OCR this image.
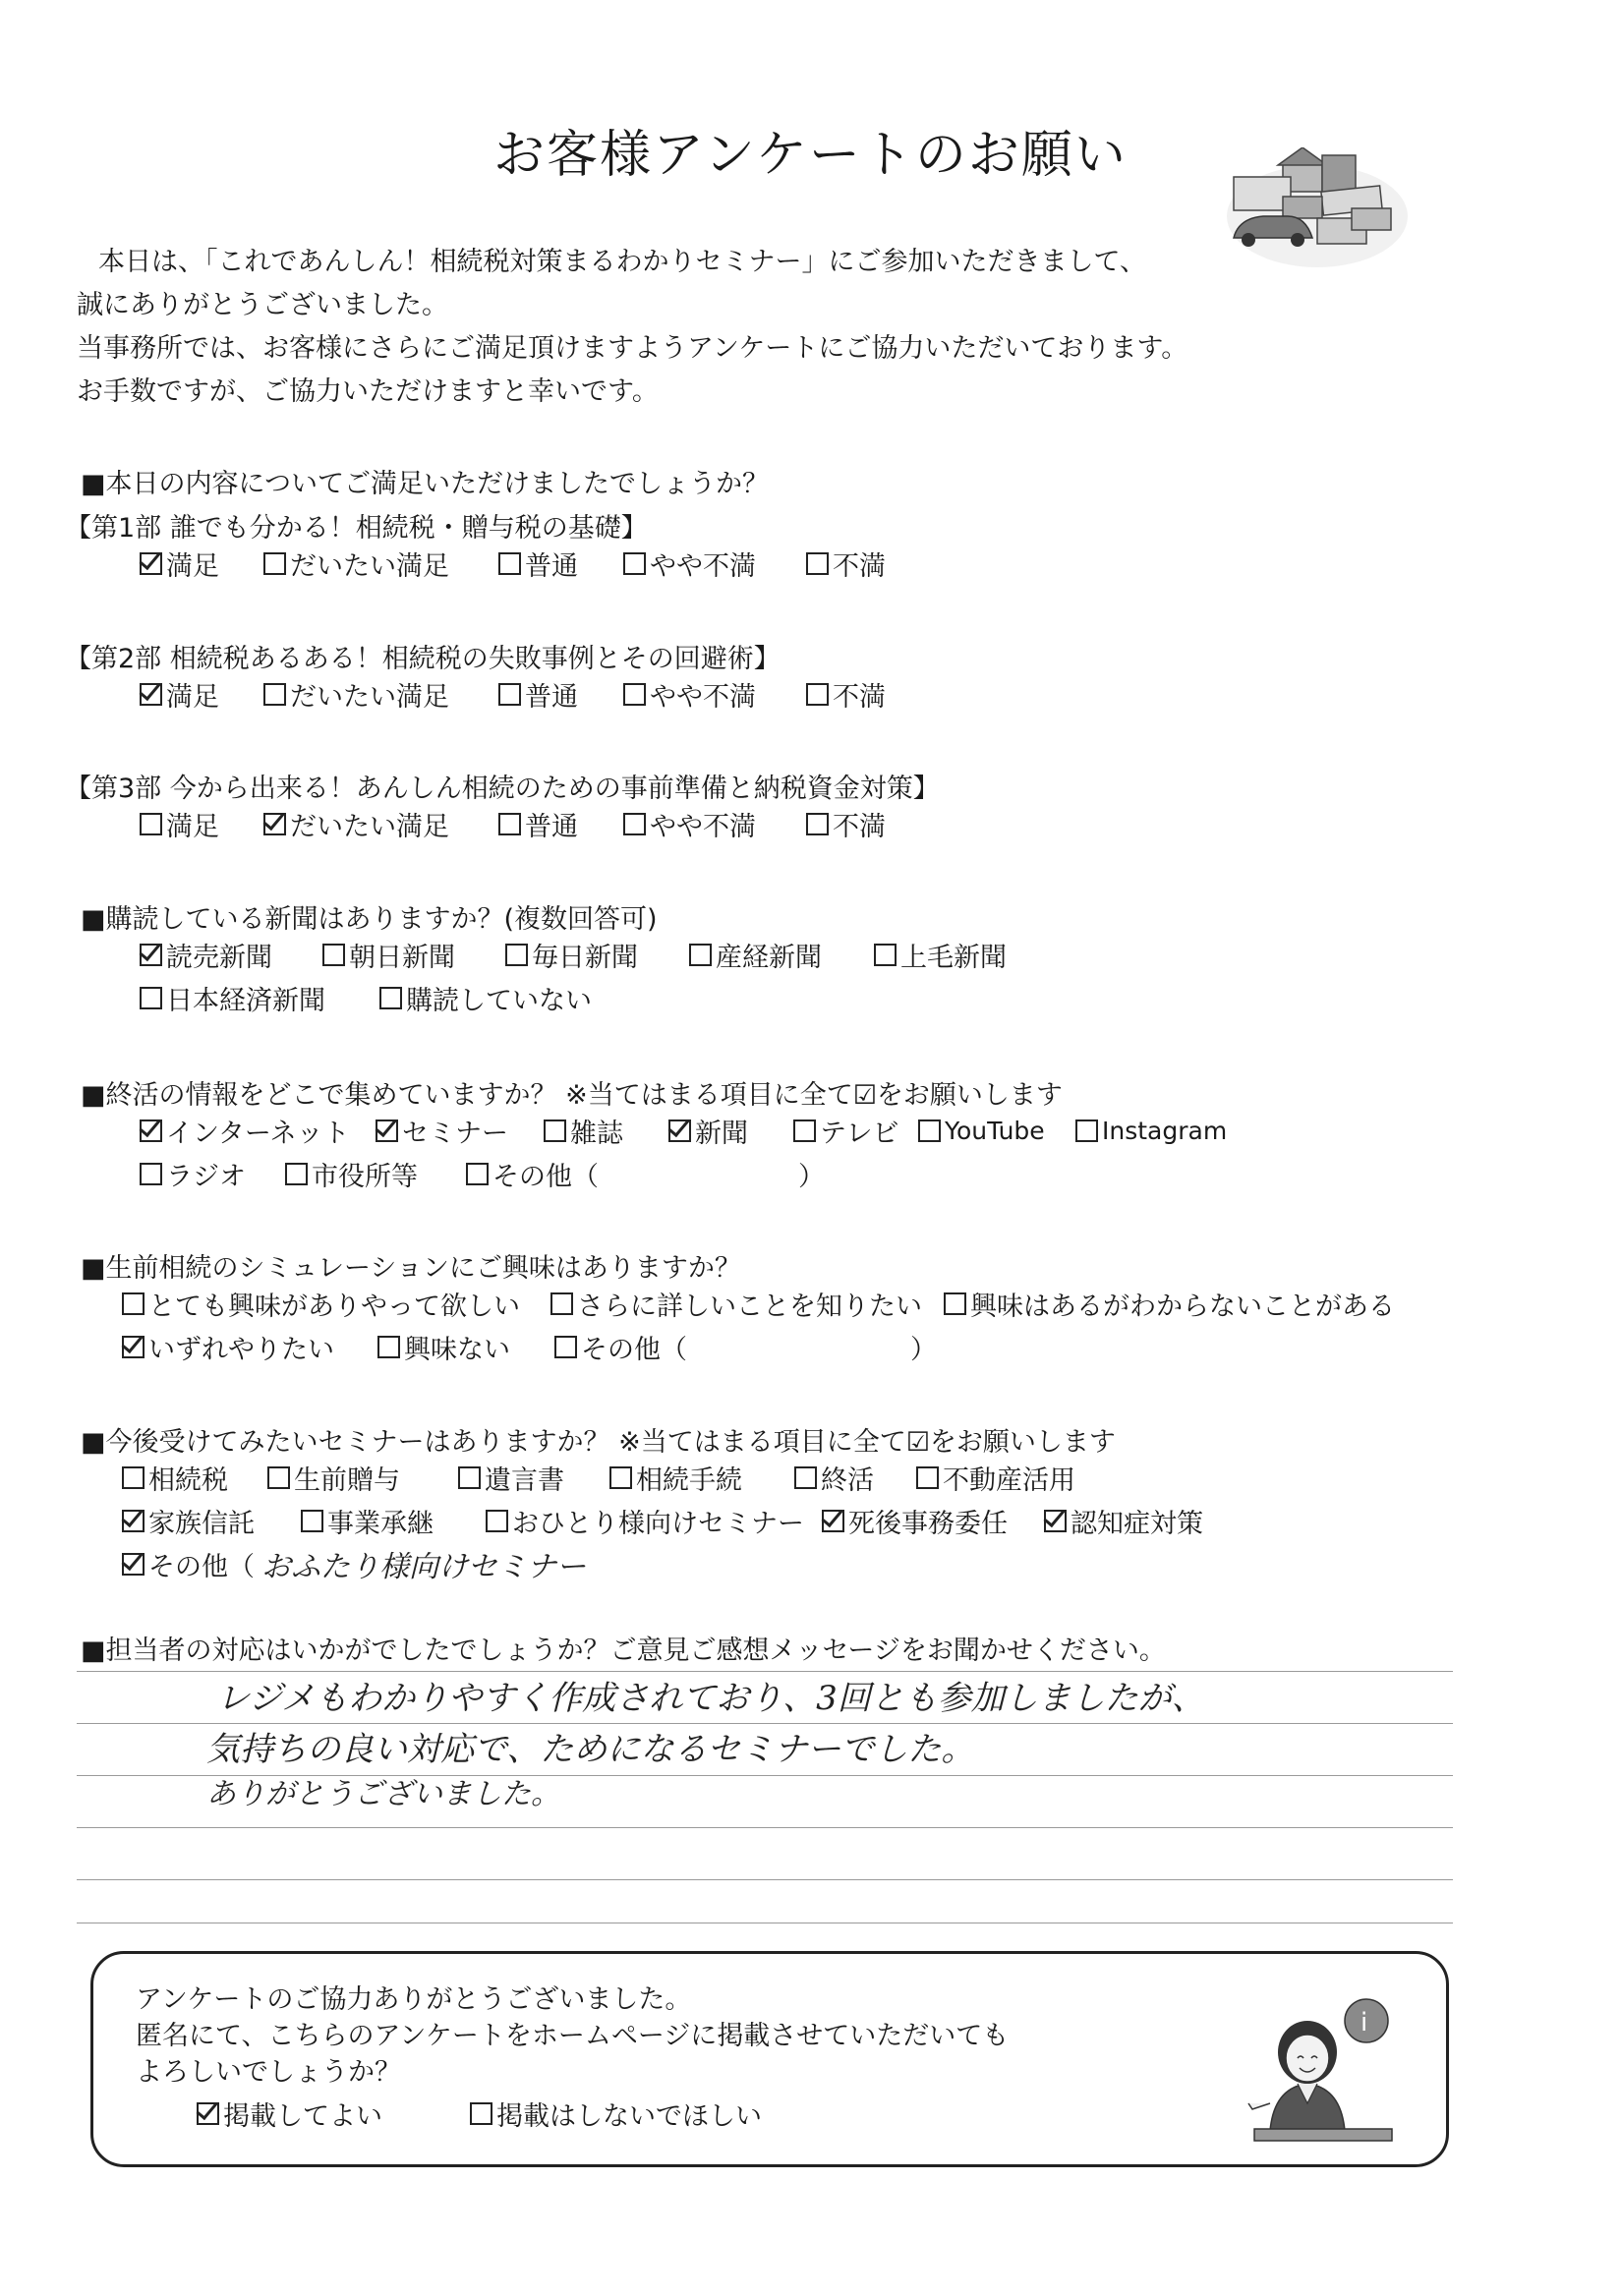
お客様アンケートのお願い
本日は、「これであんしん！相続税対策まるわかりセミナー」にご参加いただきまして、
誠にありがとうございました。
当事務所では、お客様にさらにご満足頂けますようアンケートにご協力いただいております。
お手数ですが、ご協力いただけますと幸いです。
■本日の内容についてご満足いただけましたでしょうか？
【第1部 誰でも分かる！相続税・贈与税の基礎】
満足	だいたい満足	普通	やや不満	不満
【第2部 相続税あるある！相続税の失敗事例とその回避術】
満足	だいたい満足	普通	やや不満	不満
【第3部 今から出来る！あんしん相続のための事前準備と納税資金対策】
満足	だいたい満足	普通	やや不満	不満
■購読している新聞はありますか？(複数回答可)
読売新聞	朝日新聞	毎日新聞	産経新聞	上毛新聞
日本経済新聞	購読していない
■終活の情報をどこで集めていますか？ ※当てはまる項目に全て☑をお願いします
インターネット セミナー 雑誌	新聞	テレビ YouTube Instagram
ラジオ 市役所等	その他（	）
■生前相続のシミュレーションにご興味はありますか？
とても興味がありやって欲しい さらに詳しいことを知りたい 興味はあるがわからないことがある
いずれやりたい	興味ない	その他（	）
■今後受けてみたいセミナーはありますか？ ※当てはまる項目に全て☑をお願いします
相続税 生前贈与	遺言書	相続手続	終活	不動産活用
家族信託	事業承継	おひとり様向けセミナー 死後事務委任 認知症対策
その他（ おふたり様向けセミナー
■担当者の対応はいかがでしたでしょうか？ご意見ご感想メッセージをお聞かせください。
レジメもわかりやすく作成されており、3回とも参加しましたが、
気持ちの良い対応で、ためになるセミナーでした。
ありがとうございました。
アンケートのご協力ありがとうございました。
匿名にて、こちらのアンケートをホームページに掲載させていただいても
よろしいでしょうか？
掲載してよい	掲載はしないでほしい
i
